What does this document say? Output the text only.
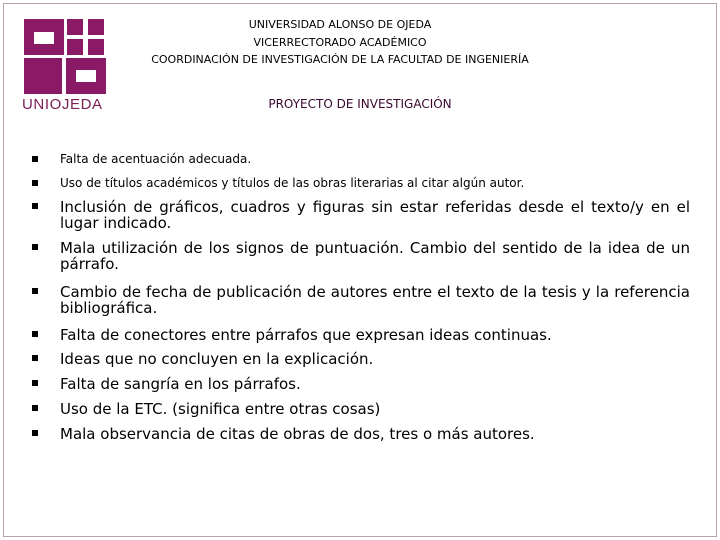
UNIOJEDA
UNIVERSIDAD ALONSO DE OJEDA
VICERRECTORADO ACADÉMICO
COORDINACIÓN DE INVESTIGACIÓN DE LA FACULTAD DE INGENIERÍA
PROYECTO DE INVESTIGACIÓN
Falta de acentuación adecuada.
Uso de títulos académicos y títulos de las obras literarias al citar algún autor.
Inclusión de gráficos, cuadros y figuras sin estar referidas desde el texto/y en el lugar indicado.
Mala utilización de los signos de puntuación. Cambio del sentido de la idea de un párrafo.
Cambio de fecha de publicación de autores entre el texto de la tesis y la referencia bibliográfica.
Falta de conectores entre párrafos que expresan ideas continuas.
Ideas que no concluyen en la explicación.
Falta de sangría en los párrafos.
Uso de la ETC. (significa entre otras cosas)
Mala observancia de citas de obras de dos, tres o más autores.
